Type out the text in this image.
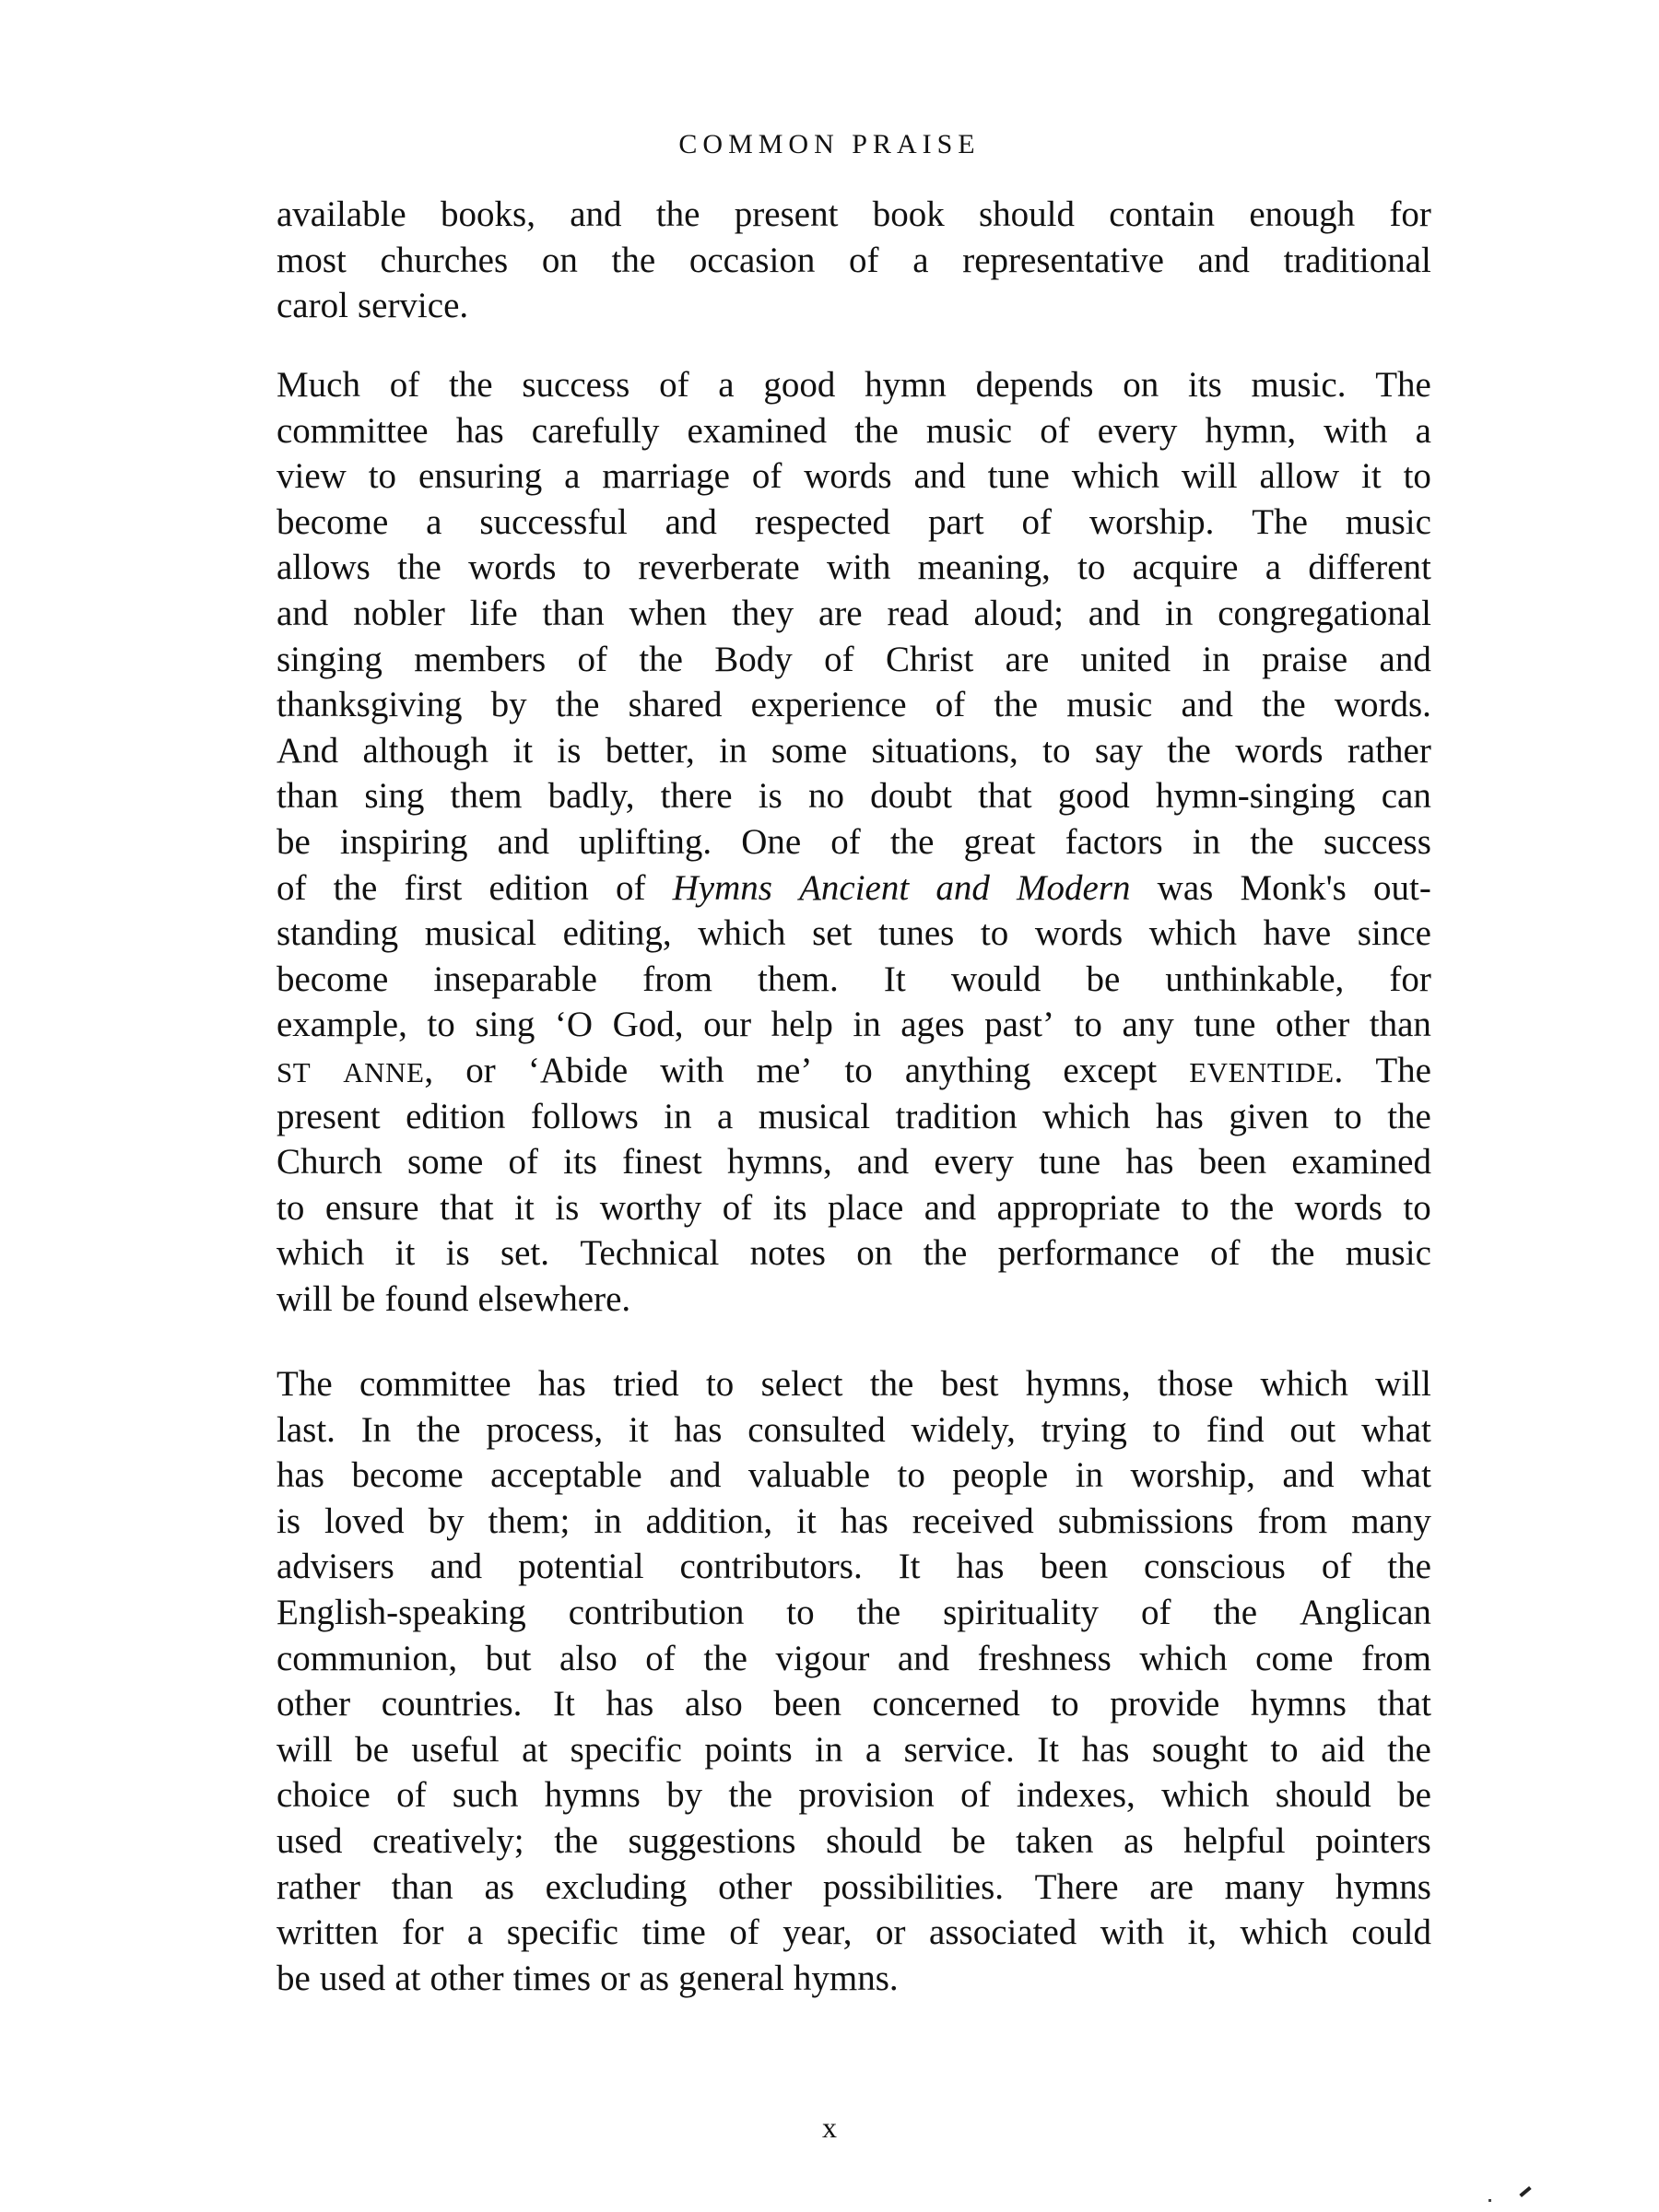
COMMON PRAISE
available books, and the present book should contain enough for
most churches on the occasion of a representative and traditional
carol service.
Much of the success of a good hymn depends on its music. The
committee has carefully examined the music of every hymn, with a
view to ensuring a marriage of words and tune which will allow it to
become a successful and respected part of worship. The music
allows the words to reverberate with meaning, to acquire a different
and nobler life than when they are read aloud; and in congregational
singing members of the Body of Christ are united in praise and
thanksgiving by the shared experience of the music and the words.
And although it is better, in some situations, to say the words rather
than sing them badly, there is no doubt that good hymn-singing can
be inspiring and uplifting. One of the great factors in the success
of the first edition of Hymns Ancient and Modern was Monk's out-
standing musical editing, which set tunes to words which have since
become inseparable from them. It would be unthinkable, for
example, to sing ‘O God, our help in ages past’ to any tune other than
ST ANNE, or ‘Abide with me’ to anything except EVENTIDE. The
present edition follows in a musical tradition which has given to the
Church some of its finest hymns, and every tune has been examined
to ensure that it is worthy of its place and appropriate to the words to
which it is set. Technical notes on the performance of the music
will be found elsewhere.
The committee has tried to select the best hymns, those which will
last. In the process, it has consulted widely, trying to find out what
has become acceptable and valuable to people in worship, and what
is loved by them; in addition, it has received submissions from many
advisers and potential contributors. It has been conscious of the
English-speaking contribution to the spirituality of the Anglican
communion, but also of the vigour and freshness which come from
other countries. It has also been concerned to provide hymns that
will be useful at specific points in a service. It has sought to aid the
choice of such hymns by the provision of indexes, which should be
used creatively; the suggestions should be taken as helpful pointers
rather than as excluding other possibilities. There are many hymns
written for a specific time of year, or associated with it, which could
be used at other times or as general hymns.
x
